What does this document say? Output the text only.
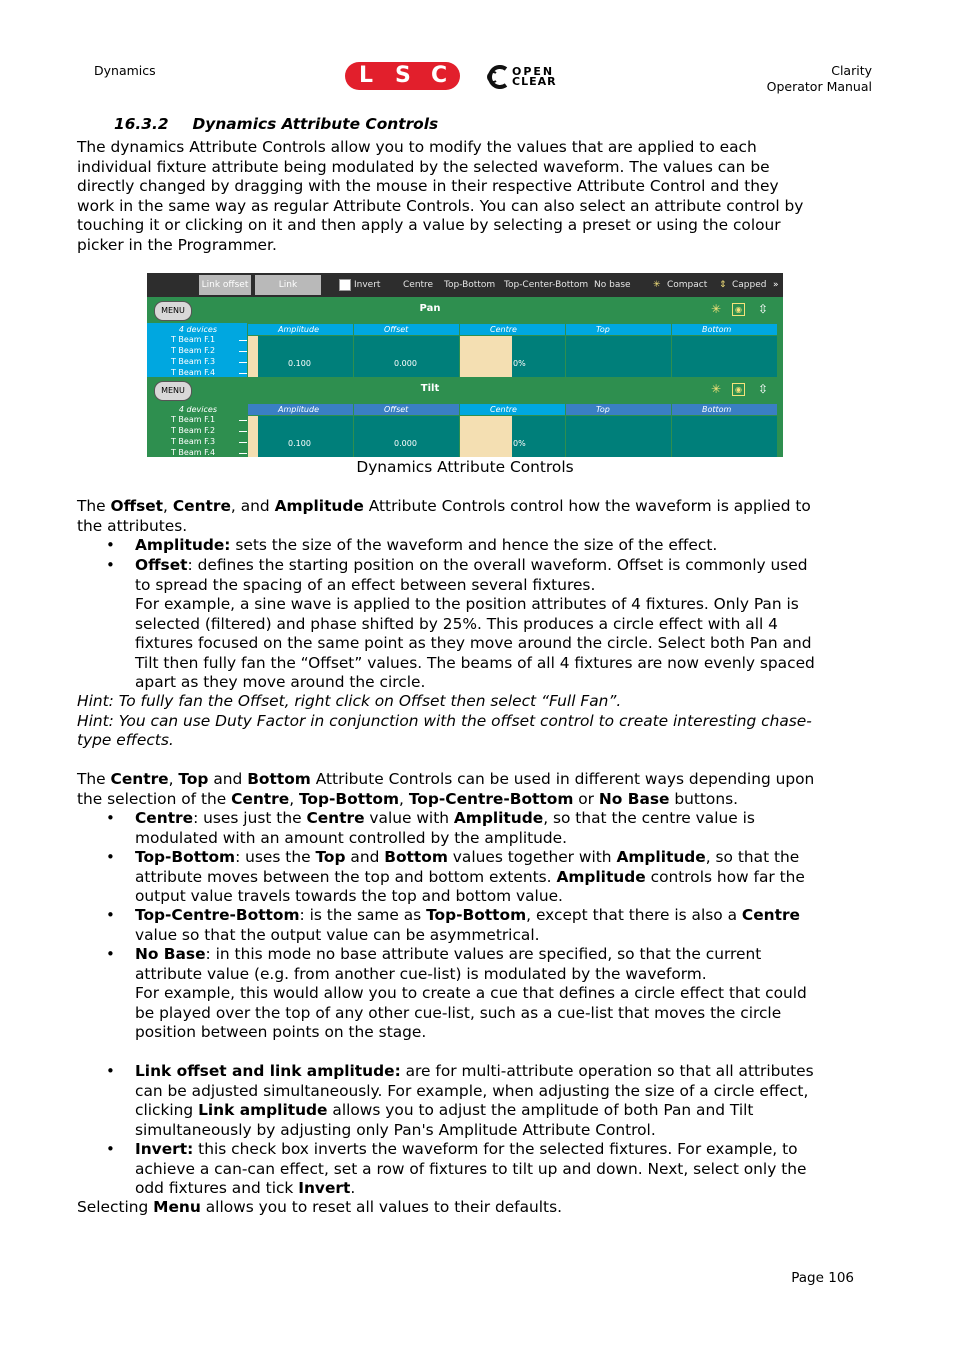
Dynamics	Clarity
Operator Manual
L S C	OPEN
CLEAR
16.3.2 Dynamics Attribute Controls
The dynamics Attribute Controls allow you to modify the values that are applied to each
individual fixture attribute being modulated by the selected waveform. The values can be
directly changed by dragging with the mouse in their respective Attribute Control and they
work in the same way as regular Attribute Controls. You can also select an attribute control by
touching it or clicking on it and then apply a value by selecting a preset or using the colour
picker in the Programmer.
Link offset	Link	Invert	Centre Top-Bottom Top-Center-Bottom No base ✳ Compact ⇕ Capped »
MENU	Pan	✳	◉ ⇳
4 devices
T Beam F.1
T Beam F.2
T Beam F.3
T Beam F.4
Amplitude	Offset	Centre	Top	Bottom
0.100	0.000	0%
MENU	Tilt	✳	◉ ⇳
4 devices
T Beam F.1
T Beam F.2
T Beam F.3
T Beam F.4
Amplitude	Offset	Centre	Top	Bottom
0.100	0.000	0%
Dynamics Attribute Controls
The Offset, Centre, and Amplitude Attribute Controls control how the waveform is applied to
the attributes.
•	Amplitude: sets the size of the waveform and hence the size of the effect.
•	Offset: defines the starting position on the overall waveform. Offset is commonly used
to spread the spacing of an effect between several fixtures.
For example, a sine wave is applied to the position attributes of 4 fixtures. Only Pan is
selected (filtered) and phase shifted by 25%. This produces a circle effect with all 4
fixtures focused on the same point as they move around the circle. Select both Pan and
Tilt then fully fan the “Offset” values. The beams of all 4 fixtures are now evenly spaced
apart as they move around the circle.
Hint: To fully fan the Offset, right click on Offset then select “Full Fan”.
Hint: You can use Duty Factor in conjunction with the offset control to create interesting chase-
type effects.
The Centre, Top and Bottom Attribute Controls can be used in different ways depending upon
the selection of the Centre, Top-Bottom, Top-Centre-Bottom or No Base buttons.
•	Centre: uses just the Centre value with Amplitude, so that the centre value is
modulated with an amount controlled by the amplitude.
•	Top-Bottom: uses the Top and Bottom values together with Amplitude, so that the
attribute moves between the top and bottom extents. Amplitude controls how far the
output value travels towards the top and bottom value.
•	Top-Centre-Bottom: is the same as Top-Bottom, except that there is also a Centre
value so that the output value can be asymmetrical.
•	No Base: in this mode no base attribute values are specified, so that the current
attribute value (e.g. from another cue-list) is modulated by the waveform.
For example, this would allow you to create a cue that defines a circle effect that could
be played over the top of any other cue-list, such as a cue-list that moves the circle
position between points on the stage.
•	Link offset and link amplitude: are for multi-attribute operation so that all attributes
can be adjusted simultaneously. For example, when adjusting the size of a circle effect,
clicking Link amplitude allows you to adjust the amplitude of both Pan and Tilt
simultaneously by adjusting only Pan's Amplitude Attribute Control.
•	Invert: this check box inverts the waveform for the selected fixtures. For example, to
achieve a can-can effect, set a row of fixtures to tilt up and down. Next, select only the
odd fixtures and tick Invert.
Selecting Menu allows you to reset all values to their defaults.
Page 106
